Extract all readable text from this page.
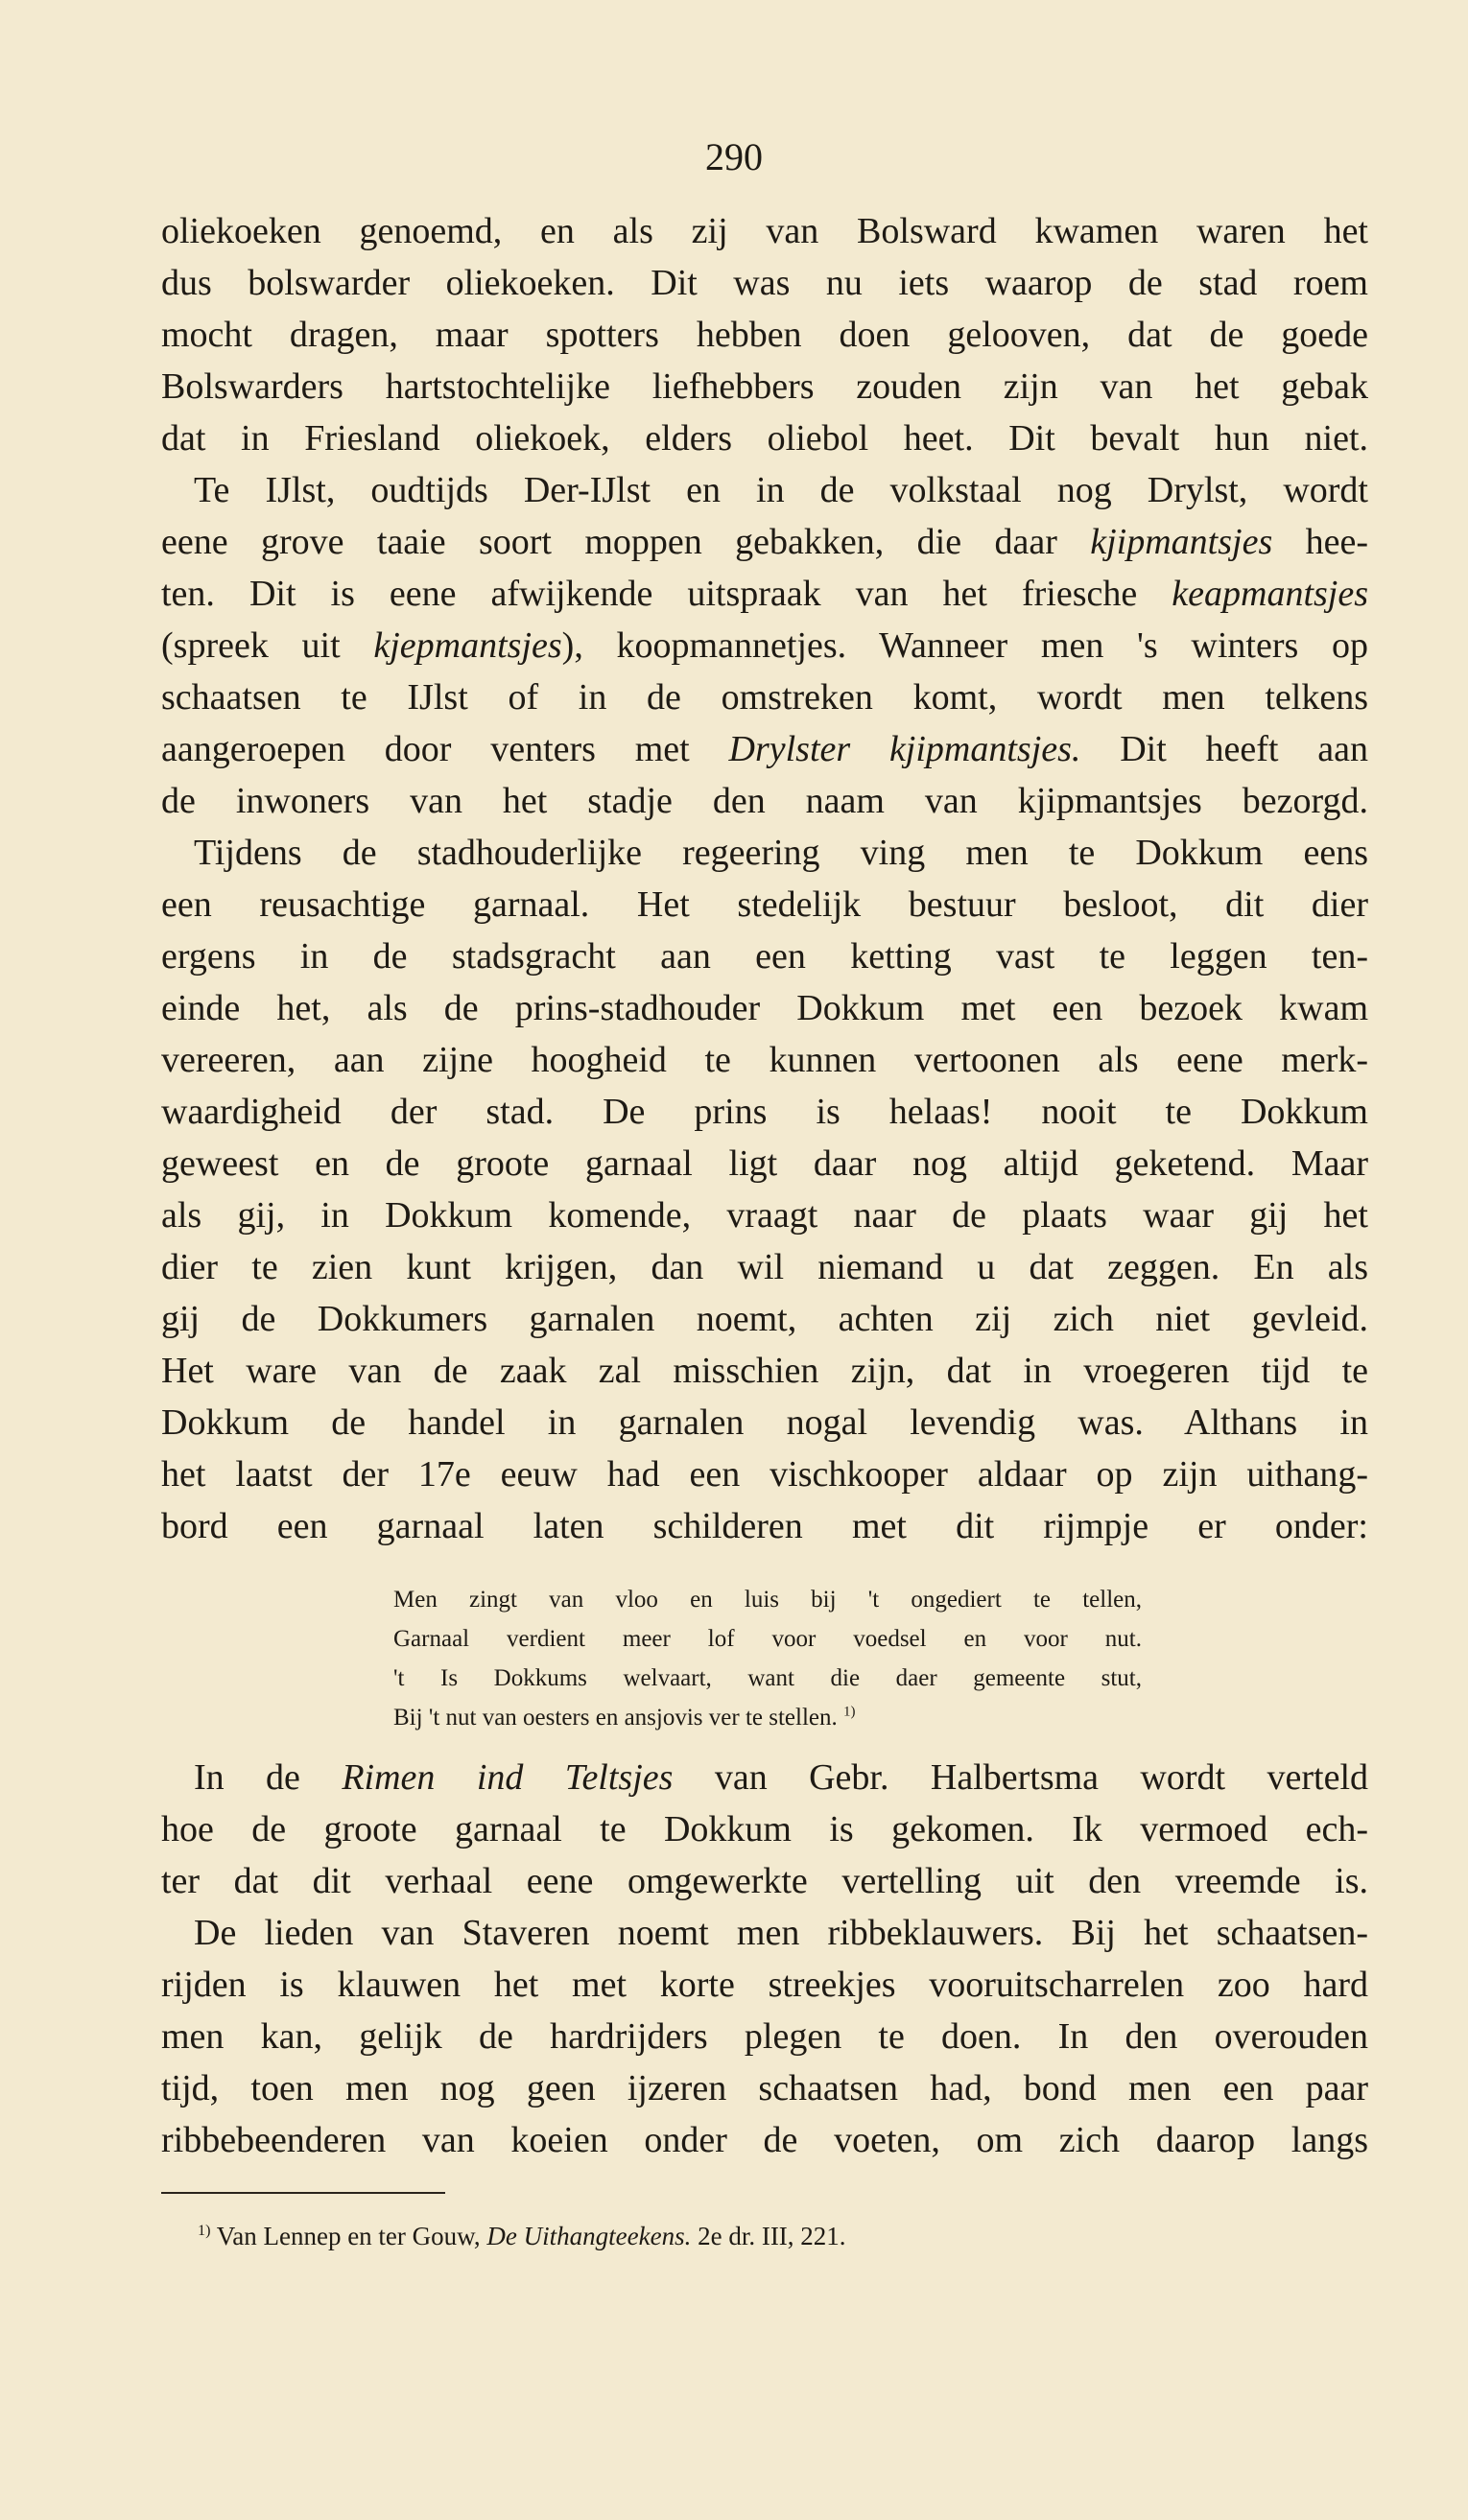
290
oliekoeken genoemd, en als zij van Bolsward kwamen waren het
dus bolswarder oliekoeken. Dit was nu iets waarop de stad roem
mocht dragen, maar spotters hebben doen gelooven, dat de goede
Bolswarders hartstochtelijke liefhebbers zouden zijn van het gebak
dat in Friesland oliekoek, elders oliebol heet. Dit bevalt hun niet.
Te IJlst, oudtijds Der-IJlst en in de volkstaal nog Drylst, wordt
eene grove taaie soort moppen gebakken, die daar kjipmantsjes hee-
ten. Dit is eene afwijkende uitspraak van het friesche keapmantsjes
(spreek uit kjepmantsjes), koopmannetjes. Wanneer men 's winters op
schaatsen te IJlst of in de omstreken komt, wordt men telkens
aangeroepen door venters met Drylster kjipmantsjes. Dit heeft aan
de inwoners van het stadje den naam van kjipmantsjes bezorgd.
Tijdens de stadhouderlijke regeering ving men te Dokkum eens
een reusachtige garnaal. Het stedelijk bestuur besloot, dit dier
ergens in de stadsgracht aan een ketting vast te leggen ten-
einde het, als de prins-stadhouder Dokkum met een bezoek kwam
vereeren, aan zijne hoogheid te kunnen vertoonen als eene merk-
waardigheid der stad. De prins is helaas! nooit te Dokkum
geweest en de groote garnaal ligt daar nog altijd geketend. Maar
als gij, in Dokkum komende, vraagt naar de plaats waar gij het
dier te zien kunt krijgen, dan wil niemand u dat zeggen. En als
gij de Dokkumers garnalen noemt, achten zij zich niet gevleid.
Het ware van de zaak zal misschien zijn, dat in vroegeren tijd te
Dokkum de handel in garnalen nogal levendig was. Althans in
het laatst der 17e eeuw had een vischkooper aldaar op zijn uithang-
bord een garnaal laten schilderen met dit rijmpje er onder:
Men zingt van vloo en luis bij 't ongediert te tellen,
Garnaal verdient meer lof voor voedsel en voor nut.
't Is Dokkums welvaart, want die daer gemeente stut,
Bij 't nut van oesters en ansjovis ver te stellen. $^{1)}$
In de Rimen ind Teltsjes van Gebr. Halbertsma wordt verteld
hoe de groote garnaal te Dokkum is gekomen. Ik vermoed ech-
ter dat dit verhaal eene omgewerkte vertelling uit den vreemde is.
De lieden van Staveren noemt men ribbeklauwers. Bij het schaatsen-
rijden is klauwen het met korte streekjes vooruitscharrelen zoo hard
men kan, gelijk de hardrijders plegen te doen. In den overouden
tijd, toen men nog geen ijzeren schaatsen had, bond men een paar
ribbebeenderen van koeien onder de voeten, om zich daarop langs
$^{1)}$ Van Lennep en ter Gouw, De Uithangteekens. 2e dr. III, 221.
